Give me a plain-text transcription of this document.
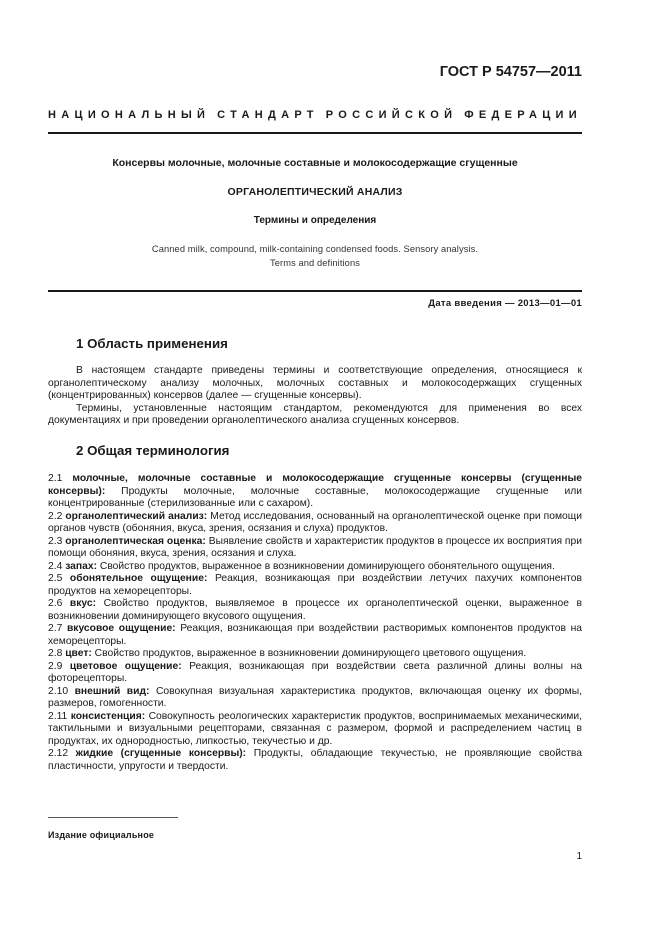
ГОСТ Р 54757—2011
НАЦИОНАЛЬНЫЙ СТАНДАРТ РОССИЙСКОЙ ФЕДЕРАЦИИ
Консервы молочные, молочные составные и молокосодержащие сгущенные
ОРГАНОЛЕПТИЧЕСКИЙ АНАЛИЗ
Термины и определения
Canned milk, compound, milk-containing condensed foods. Sensory analysis.
Terms and definitions
Дата введения — 2013—01—01
1 Область применения

В настоящем стандарте приведены термины и соответствующие определения, относящиеся к органолептическому анализу молочных, молочных составных и молокосодержащих сгущенных (концентрированных) консервов (далее — сгущенные консервы).

Термины, установленные настоящим стандартом, рекомендуются для применения во всех документациях и при проведении органолептического анализа сгущенных консервов.

2 Общая терминология

2.1 молочные, молочные составные и молокосодержащие сгущенные консервы (сгущенные консервы): Продукты молочные, молочные составные, молокосодержащие сгущенные или концентрированные (стерилизованные или с сахаром).

2.2 органолептический анализ: Метод исследования, основанный на органолептической оценке при помощи органов чувств (обоняния, вкуса, зрения, осязания и слуха) продуктов.

2.3 органолептическая оценка: Выявление свойств и характеристик продуктов в процессе их восприятия при помощи обоняния, вкуса, зрения, осязания и слуха.

2.4 запах: Свойство продуктов, выраженное в возникновении доминирующего обонятельного ощущения.

2.5 обонятельное ощущение: Реакция, возникающая при воздействии летучих пахучих компонентов продуктов на хеморецепторы.

2.6 вкус: Свойство продуктов, выявляемое в процессе их органолептической оценки, выраженное в возникновении доминирующего вкусового ощущения.

2.7 вкусовое ощущение: Реакция, возникающая при воздействии растворимых компонентов продуктов на хеморецепторы.

2.8 цвет: Свойство продуктов, выраженное в возникновении доминирующего цветового ощущения.

2.9 цветовое ощущение: Реакция, возникающая при воздействии света различной длины волны на фоторецепторы.

2.10 внешний вид: Совокупная визуальная характеристика продуктов, включающая оценку их формы, размеров, гомогенности.

2.11 консистенция: Совокупность реологических характеристик продуктов, воспринимаемых механическими, тактильными и визуальными рецепторами, связанная с размером, формой и распределением частиц в продуктах, их однородностью, липкостью, текучестью и др.

2.12 жидкие (сгущенные консервы): Продукты, обладающие текучестью, не проявляющие свойства пластичности, упругости и твердости.

Издание официальное
1
